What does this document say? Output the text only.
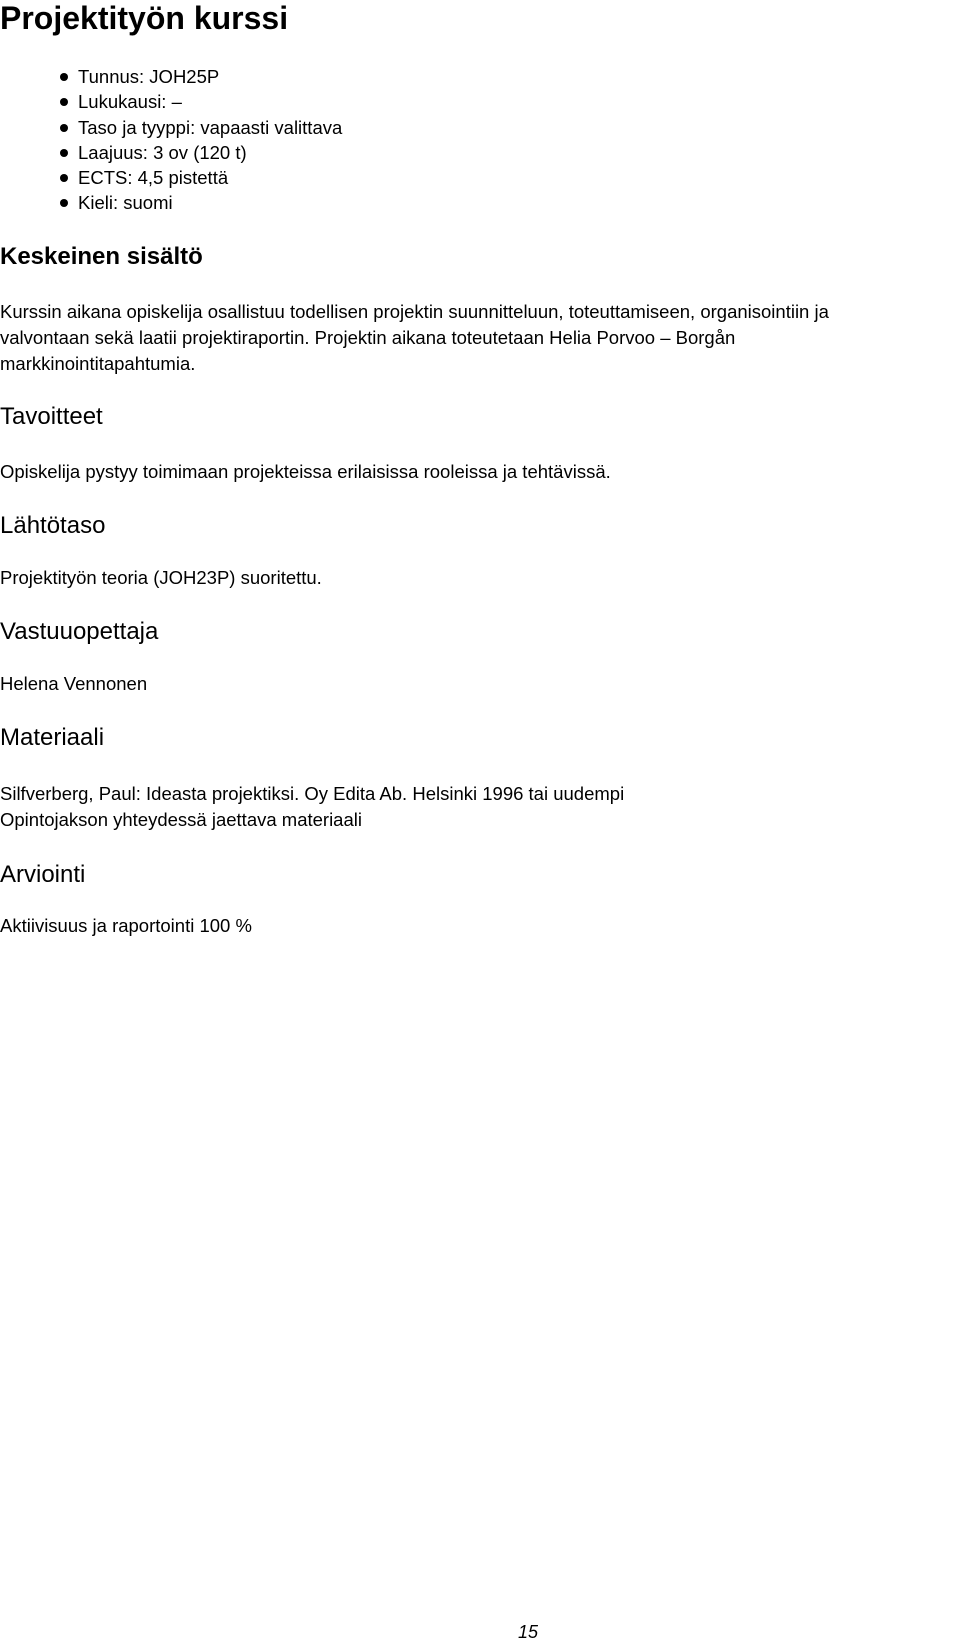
Projektityön kurssi
Tunnus: JOH25P
Lukukausi: –
Taso ja tyyppi: vapaasti valittava
Laajuus: 3 ov (120 t)
ECTS: 4,5 pistettä
Kieli: suomi
Keskeinen sisältö
Kurssin aikana opiskelija osallistuu todellisen projektin suunnitteluun, toteuttamiseen, organisointiin ja
valvontaan sekä laatii projektiraportin. Projektin aikana toteutetaan Helia Porvoo – Borgån
markkinointitapahtumia.
Tavoitteet
Opiskelija pystyy toimimaan projekteissa erilaisissa rooleissa ja tehtävissä.
Lähtötaso
Projektityön teoria (JOH23P) suoritettu.
Vastuuopettaja
Helena Vennonen
Materiaali
Silfverberg, Paul: Ideasta projektiksi. Oy Edita Ab. Helsinki 1996 tai uudempi
Opintojakson yhteydessä jaettava materiaali
Arviointi
Aktiivisuus ja raportointi 100 %
15
